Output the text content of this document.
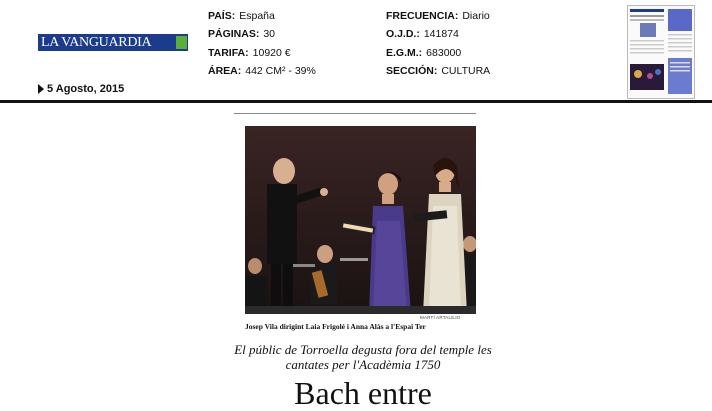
LA VANGUARDIA
5 Agosto, 2015
PAÍS: España
PÁGINAS: 30
TARIFA: 10920 €
ÁREA: 442 CM² - 39%
FRECUENCIA: Diario
O.J.D.: 141874
E.G.M.: 683000
SECCIÓN: CULTURA
MARTÍ ARTALEJO
Josep Vila dirigint Laia Frigolé i Anna Alàs a l'Espai Ter
El públic de Torroella degusta fora del temple les cantates per l'Acadèmia 1750
Bach entre
